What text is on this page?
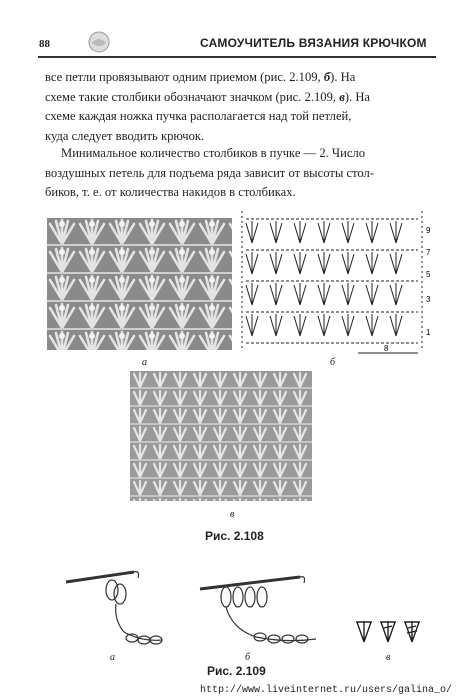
88	САМОУЧИТЕЛЬ ВЯЗАНИЯ КРЮЧКОМ
все петли провязывают одним приемом (рис. 2.109, б). На
схеме такие столбики обозначают значком (рис. 2.109, в). На
схеме каждая ножка пучка располагается над той петлей,
куда следует вводить крючок.
Минимальное количество столбиков в пучке — 2. Число
воздушных петель для подъема ряда зависит от высоты стол-
биков, т. е. от количества накидов в столбиках.
а
9
7
5
3
1
8
б
в
Рис. 2.108
а	б	в
Рис. 2.109
http://www.liveinternet.ru/users/galina_o/
